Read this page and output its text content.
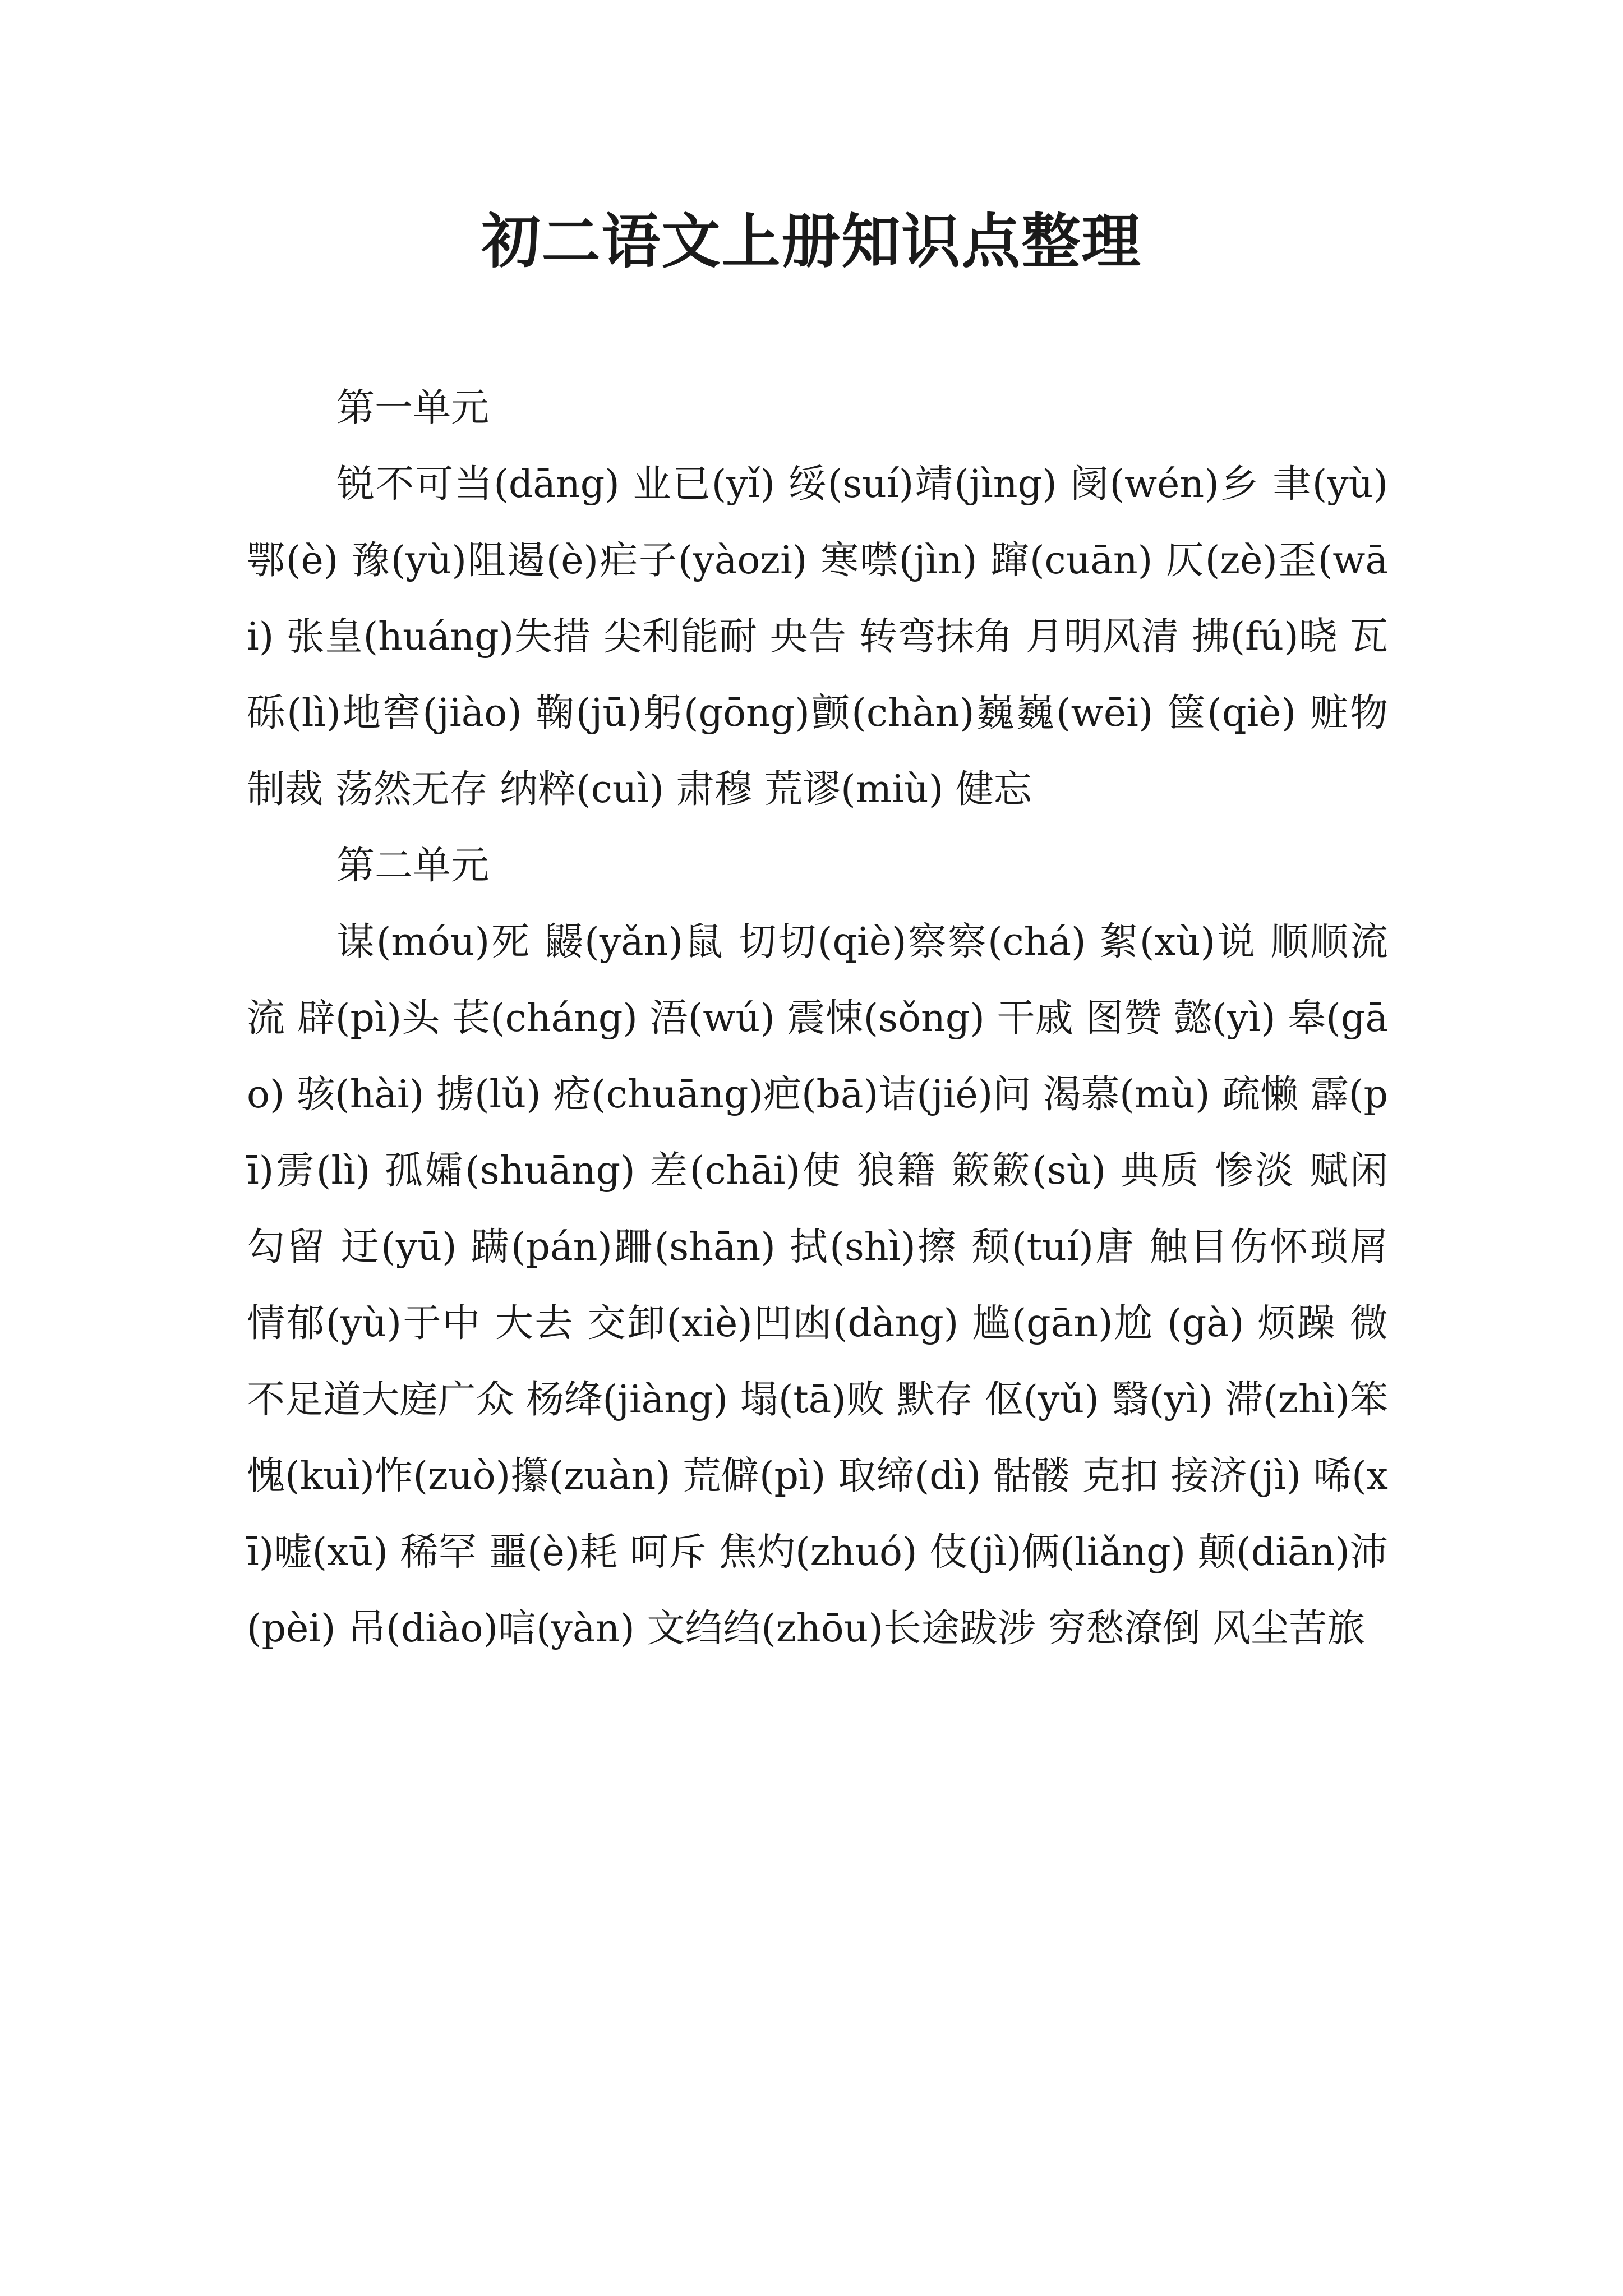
初二语文上册知识点整理

第一单元

锐不可当(dāng) 业已(yǐ) 绥(suí)靖(jìng) 阌(wén)乡 聿(yù) 鄂(è) 豫(yù)阻遏(è)疟子(yàozi) 寒噤(jìn) 蹿(cuān) 仄(zè)歪(wāi) 张皇(huáng)失措 尖利能耐 央告 转弯抹角 月明风清 拂(fú)晓 瓦砾(lì)地窖(jiào) 鞠(jū)躬(gōng)颤(chàn)巍巍(wēi) 箧(qiè) 赃物 制裁 荡然无存 纳粹(cuì) 肃穆 荒谬(miù) 健忘

第二单元

谋(móu)死 鼹(yǎn)鼠 切切(qiè)察察(chá) 絮(xù)说 顺顺流流 辟(pì)头 苌(cháng) 浯(wú) 震悚(sǒng) 干戚 图赞 懿(yì) 皋(gāo) 骇(hài) 掳(lǔ) 疮(chuāng)疤(bā)诘(jié)问 渴慕(mù) 疏懒 霹(pī)雳(lì) 孤孀(shuāng) 差(chāi)使 狼籍 簌簌(sù) 典质 惨淡 赋闲 勾留 迂(yū) 蹒(pán)跚(shān) 拭(shì)擦 颓(tuí)唐 触目伤怀琐屑 情郁(yù)于中 大去 交卸(xiè)凹凼(dàng) 尴(gān)尬 (gà) 烦躁 微不足道大庭广众 杨绛(jiàng) 塌(tā)败 默存 伛(yǔ) 翳(yì) 滞(zhì)笨 愧(kuì)怍(zuò)攥(zuàn) 荒僻(pì) 取缔(dì) 骷髅 克扣 接济(jì) 唏(xī)嘘(xū) 稀罕 噩(è)耗 呵斥 焦灼(zhuó) 伎(jì)俩(liǎng) 颠(diān)沛(pèi) 吊(diào)唁(yàn) 文绉绉(zhōu)长途跋涉 穷愁潦倒 风尘苦旅
